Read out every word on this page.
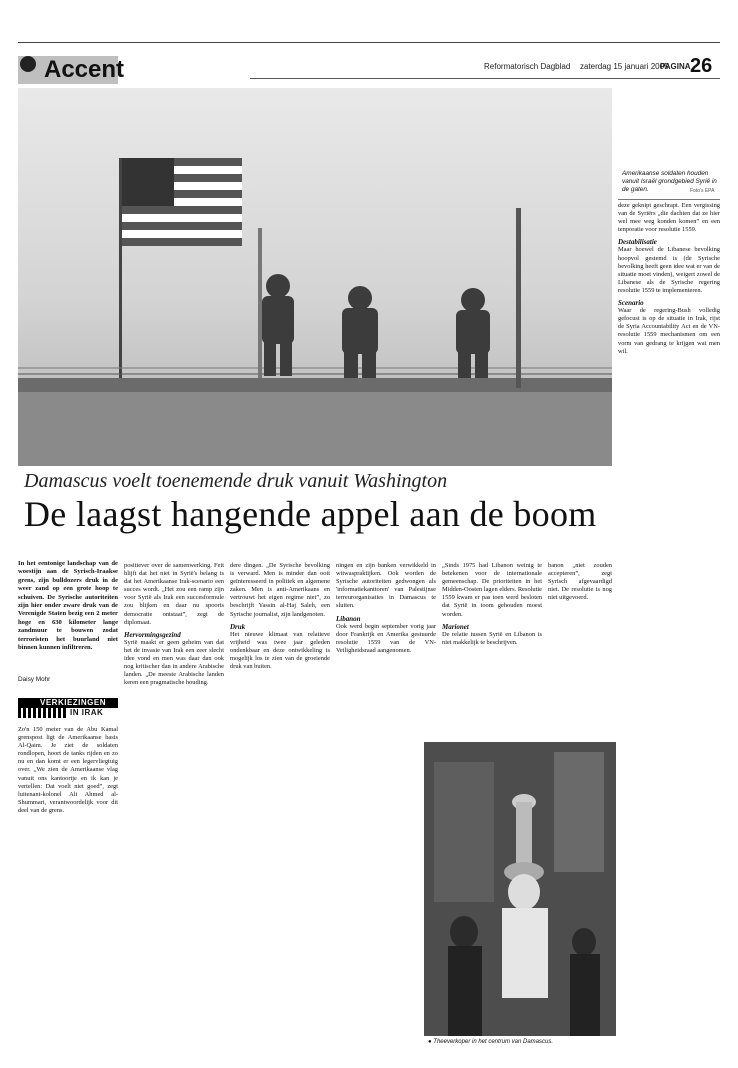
Accent	Reformatorisch Dagblad zaterdag 15 januari 2005
PAGINA 26
Amerikaanse soldaten houden vanuit Israël grondgebied Syrië in de gaten.	Foto's EPA

deze geknipt geschrapt. Een vergissing van de Syriërs „die dachten dat ze hier wel mee weg konden komen” en een tenporatie voor resolutie 1559.

Destabilisatie

Maar hoewel de Libanese bevolking hoopvol gestemd is (de Syrische bevolking heeft geen idee wat er van de situatie moet vinden), weigert zowel de Libanese als de Syrische regering resolutie 1559 te implementeren.

Scenario

Waar de regering-Bush volledig gefocust is op de situatie in Irak, rijst de Syria Accountability Act en de VN-resolutie 1559 mechanismen om een vorm van gedrang te krijgen wat men wil.

Damascus voelt toenemende druk vanuit Washington
De laagst hangende appel aan de boom
In het eentonige landschap van de woestijn aan de Syrisch-Iraakse grens, zijn bulldozers druk in de weer zand op een grote hoop te schuiven. De Syrische autoriteiten zijn hier onder zware druk van de Verenigde Staten bezig een 2 meter hoge en 630 kilometer lange zandmuur te bouwen zodat terroristen het buurland niet binnen kunnen infiltreren.
Daisy Mohr
VERKIEZINGEN
IN IRAK
Zo'n 150 meter van de Abu Kamal grenspost ligt de Amerikaanse basis Al-Qaim. Je ziet de soldaten rondlopen, hoort de tanks rijden en zo nu en dan komt er een legervliegtuig over. „We zien de Amerikaanse vlag vanuit ons kantoortje en ik kan je vertellen: Dat voelt niet goed”, zegt luitenant-kolonel Ali Ahmed al-Shummari, verantwoordelijk voor dit deel van de grens.

positiever over de samenwerking. Feit blijft dat het niet in Syrië's belang is dat het Amerikaanse Irak-scenario een succes wordt. „Het zou een ramp zijn voor Syrië als Irak een succesformule zou blijken en daar nu spoorts democratie ontstaat”, zegt de diplomaat.

Hervormingsgezind

Syrië maakt er geen geheim van dat het de invasie van Irak een zeer slecht idee vond en men was daar dan ook nog kritischer dan in andere Arabische landen. „De meeste Arabische landen keren een pragmatische houding.

dere dingen. „De Syrische bevolking is verward. Men is minder dan ooit geïnteresseerd in politiek en algemene zaken. Men is anti-Amerikaans en vertrouwt het eigen regime niet”, zo beschrijft Yassin al-Haj Saleh, een Syrische journalist, zijn landgenoten.

Druk

Het nieuwe klimaat van relatieve vrijheid was twee jaar geleden ondenkbaar en deze ontwikkeling is mogelijk los te zien van de groeiende druk van buiten.

ningen en zijn banken verwikkeld in witwaspraktijken. Ook worden de Syrische autoriteiten gedwongen als 'informatiekanttoren' van Palestijnse terreurorganisaties in Damascus te sluiten.

Libanon

Ook werd begin september vorig jaar door Frankrijk en Amerika gestuurde resolutie 1559 van de VN-Veiligheidsraad aangenomen.

„Sinds 1975 had Libanon weinig te betekenen voor de internationale gemeenschap. De prioriteiten in het Midden-Oosten lagen elders. Resolutie 1559 kwam er pas toen werd besloten dat Syrië in toom gehouden moest worden.

Marionet

De relatie tussen Syrië en Libanon is niet makkelijk te beschrijven.

banon „niet zouden accepteren”, zegt Syrisch afgevaardigd niet. De resolutie is nog niet uitgevoerd.
● Theeverkoper in het centrum van Damascus.
